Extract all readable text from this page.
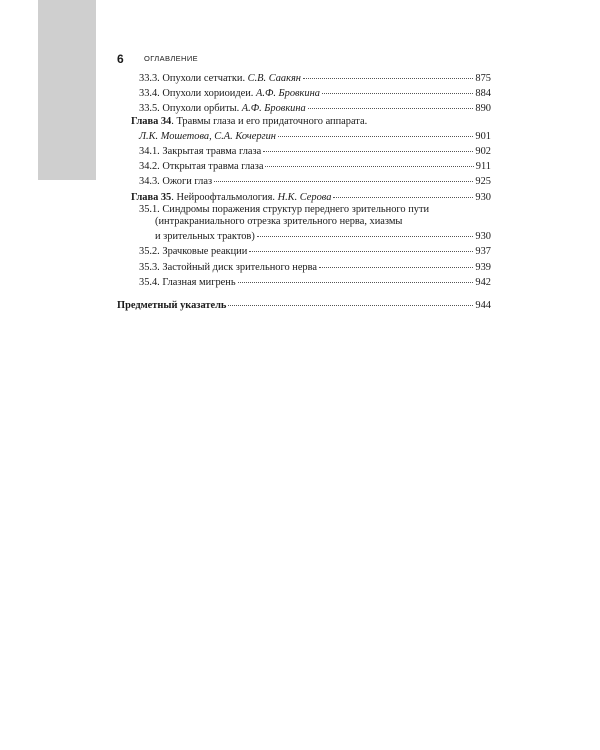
6	ОГЛАВЛЕНИЕ
33.3. Опухоли сетчатки. С.В. Саакян	875
33.4. Опухоли хориоидеи. А.Ф. Бровкина	884
33.5. Опухоли орбиты. А.Ф. Бровкина	890
Глава 34. Травмы глаза и его придаточного аппарата.
Л.К. Мошетова, С.А. Кочергин	901
34.1. Закрытая травма глаза	902
34.2. Открытая травма глаза	911
34.3. Ожоги глаз	925
Глава 35. Нейроофтальмология. Н.К. Серова	930
35.1. Синдромы поражения структур переднего зрительного пути
(интракраниального отрезка зрительного нерва, хиазмы
и зрительных трактов)	930
35.2. Зрачковые реакции	937
35.3. Застойный диск зрительного нерва	939
35.4. Глазная мигрень	942
Предметный указатель	944
